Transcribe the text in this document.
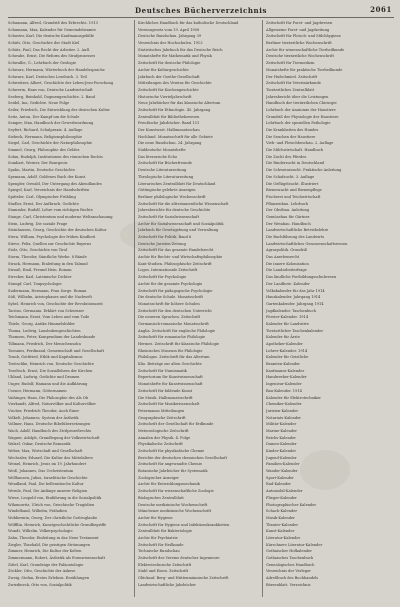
Deutsches Bücherverzeichnis	2061
Schumann, Alfred, Grundriß des Erbrechts. 1913
Schumann, Max, Kalender für Gemeindebeamte
Schuster, Karl, Die deutsche Kaufmannsgehilfe
Schütt, Otto, Geschichte der Stadt Kiel
Schütz, Paul, Das Recht der Arbeiter. 2. Aufl.
Schwabe, Ernst, Die Reform des Strafprozesses
Schwalbe, G., Lehrbuch der Geologie
Schwarz, Hermann, Wörterbuch der Handelssprache
Schwarz, Karl, Deutsches Lesebuch. 3. Teil
Schweitzer, Albert, Geschichte der Leben-Jesu-Forschung
Schwerin, Hans von, Deutsche Landwirtschaft
Seeberg, Reinhold, Dogmengeschichte. 2. Band
Seidel, Ina, Gedichte. Neue Folge
Seiler, Friedrich, Die Entwicklung der deutschen Kultur
Seitz, Anton, Der Kampf um die Schule
Semper, Max, Handbuch der Gewerbeordnung
Seyfert, Richard, Schulpraxis. 4. Auflage
Siebeck, Hermann, Religionsphilosophie
Siegel, Carl, Geschichte der Naturphilosophie
Simmel, Georg, Philosophie des Geldes
Sohm, Rudolph, Institutionen des römischen Rechts
Sombart, Werner, Der Bourgeois
Spahn, Martin, Deutsche Geschichte
Spemann, Adolf, Goldenes Buch der Kunst
Spengler, Oswald, Der Untergang des Abendlandes
Spiegel, Karl, Verzeichnis der Handschriften
Spitteler, Carl, Olympischer Frühling
Stadler, Ernst, Der Aufbruch. Gedichte
Stammler, Rudolf, Lehre vom richtigen Rechte
Stange, Carl, Christentum und moderne Weltanschauung
Stein, Ludwig, Die soziale Frage
Steinhausen, Georg, Geschichte der deutschen Kultur
Stern, William, Psychologie der frühen Kindheit
Stieve, Felix, Quellen zur Geschichte Bayerns
Stolz, Otto, Geschichte von Tirol
Storm, Theodor, Sämtliche Werke. 8 Bände
Strack, Hermann, Einleitung in den Talmud
Strauß, Emil, Freund Hein. Roman
Strecker, Karl, Lateinische Dichter
Stumpf, Carl, Tonpsychologie
Sudermann, Hermann, Frau Sorge. Roman
Süß, Wilhelm, Aristophanes und die Nachwelt
Sybel, Heinrich von, Geschichte der Revolutionszeit
Tacitus, Germania. Erklärt von Schweizer
Teichmann, Ernst, Vom Leben und vom Tode
Thiele, Georg, Antike Himmelsbilder
Thoma, Ludwig, Lausbubengeschichten
Thomsen, Peter, Kompendium der Landeskunde
Tillmann, Friedrich, Der Menschensohn
Toennies, Ferdinand, Gemeinschaft und Gesellschaft
Traub, Gottfried, Ethik und Kapitalismus
Treitschke, Heinrich von, Deutsche Geschichte
Troeltsch, Ernst, Die Soziallehren der Kirchen
Uhland, Ludwig, Gedichte und Dramen
Unger, Rudolf, Hamann und die Aufklärung
Usener, Hermann, Götternamen
Vaihinger, Hans, Die Philosophie des Als Ob
Vierkandt, Alfred, Naturvölker und Kulturvölker
Vischer, Friedrich Theodor, Auch Einer
Volkelt, Johannes, System der Ästhetik
Vollmer, Hans, Deutsche Bibelübersetzungen
Wach, Adolf, Handbuch des Zivilprozeßrechts
Wagner, Adolph, Grundlegung der Volkswirtschaft
Walzel, Oskar, Deutsche Romantik
Weber, Max, Wirtschaft und Gesellschaft
Wechssler, Eduard, Die Kultur des Mittelalters
Weinel, Heinrich, Jesus im 19. Jahrhundert
Weiß, Johannes, Das Urchristentum
Wellhausen, Julius, Israelitische Geschichte
Wendland, Paul, Die hellenistische Kultur
Wernle, Paul, Die Anfänge unserer Religion
Wiese, Leopold von, Einführung in die Sozialpolitik
Wilamowitz, Ulrich von, Griechische Tragödien
Windelband, Wilhelm, Präludien
Wobbermin, Georg, Der christliche Gottesglaube
Wölfflin, Heinrich, Kunstgeschichtliche Grundbegriffe
Wundt, Wilhelm, Völkerpsychologie
Zahn, Theodor, Einleitung in das Neue Testament
Ziegler, Theobald, Die geistigen Strömungen
Zimmer, Heinrich, Die Kultur der Kelten
Zimmermann, Robert, Ästhetik als Formwissenschaft
Zittel, Karl, Grundzüge der Paläontologie
Zöckler, Otto, Geschichte der Askese
Zweig, Stefan, Erstes Erlebnis. Erzählungen
Zwiedineck, Otto von, Sozialpolitik
Kirchliches Handbuch für das katholische Deutschland
Vereinsgesetz vom 19. April 1908
Deutsche Rundschau. Jahrgang 39
Verzeichnis der Hochschulen. 1913
Statistisches Jahrbuch für das Deutsche Reich
Monatshefte für Mathematik und Physik
Zeitschrift für deutsche Philologie
Archiv für Kulturgeschichte
Jahrbuch der Goethe-Gesellschaft
Mitteilungen des Vereins für Geschichte
Zeitschrift für Kirchengeschichte
Historische Vierteljahrschrift
Neue Jahrbücher für das klassische Altertum
Zeitschrift für Ethnologie. 45. Jahrgang
Zentralblatt für Bibliothekswesen
Preußische Jahrbücher. Band 151
Der Kunstwart. Halbmonatsschau
Hochland. Monatsschrift für alle Gebiete
Die neue Rundschau. 24. Jahrgang
Süddeutsche Monatshefte
Das literarische Echo
Zeitschrift für Bücherfreunde
Deutsche Literaturzeitung
Theologische Literaturzeitung
Literarisches Zentralblatt für Deutschland
Göttingische gelehrte Anzeigen
Berliner philologische Wochenschrift
Zeitschrift für die alttestamentliche Wissenschaft
Jahresberichte für deutsche Geschichte
Zeitschrift für Sozialwissenschaft
Archiv für Sozialwissenschaft und Sozialpolitik
Jahrbuch für Gesetzgebung und Verwaltung
Zeitschrift für Politik. Band 6
Deutsche Juristen-Zeitung
Zeitschrift für das gesamte Handelsrecht
Archiv für Rechts- und Wirtschaftsphilosophie
Kant-Studien. Philosophische Zeitschrift
Logos. Internationale Zeitschrift
Zeitschrift für Psychologie
Archiv für die gesamte Psychologie
Zeitschrift für pädagogische Psychologie
Die deutsche Schule. Monatsschrift
Monatsschrift für höhere Schulen
Zeitschrift für den deutschen Unterricht
Die neueren Sprachen. Zeitschrift
Germanisch-romanische Monatsschrift
Anglia. Zeitschrift für englische Philologie
Zeitschrift für romanische Philologie
Hermes. Zeitschrift für klassische Philologie
Rheinisches Museum für Philologie
Philologus. Zeitschrift für das Altertum
Klio. Beiträge zur alten Geschichte
Zeitschrift für Numismatik
Repertorium für Kunstwissenschaft
Monatshefte für Kunstwissenschaft
Zeitschrift für bildende Kunst
Die Musik. Halbmonatsschrift
Zeitschrift für Musikwissenschaft
Petermanns Mitteilungen
Geographische Zeitschrift
Zeitschrift der Gesellschaft für Erdkunde
Meteorologische Zeitschrift
Annalen der Physik. 4. Folge
Physikalische Zeitschrift
Zeitschrift für physikalische Chemie
Berichte der deutschen chemischen Gesellschaft
Zeitschrift für angewandte Chemie
Botanische Jahrbücher für Systematik
Zoologischer Anzeiger
Archiv für Entwicklungsmechanik
Zeitschrift für wissenschaftliche Zoologie
Biologisches Zentralblatt
Deutsche medizinische Wochenschrift
Münchener medizinische Wochenschrift
Archiv für Hygiene
Zeitschrift für Hygiene und Infektionskrankheiten
Zentralblatt für Bakteriologie
Archiv für Psychiatrie
Zeitschrift für Heilkunde
Technische Rundschau
Zeitschrift des Vereins deutscher Ingenieure
Elektrotechnische Zeitschrift
Stahl und Eisen. Zeitschrift
Glückauf. Berg- und Hüttenmännische Zeitschrift
Landwirtschaftliche Jahrbücher
Zeitschrift für Forst- und Jagdwesen
Allgemeine Forst- und Jagdzeitung
Zeitschrift für Fleisch- und Milchhygiene
Berliner tierärztliche Wochenschrift
Archiv für wissenschaftliche Tierheilkunde
Deutsche tierärztliche Wochenschrift
Zeitschrift für Tiermedizin
Monatshefte für praktische Tierheilkunde
Der Hufschmied. Zeitschrift
Zeitschrift für Veterinärkunde
Tierärztliches Zentralblatt
Jahresbericht über die Leistungen
Handbuch der tierärztlichen Chirurgie
Lehrbuch der Anatomie der Haustiere
Grundriß der Physiologie der Haustiere
Lehrbuch der speziellen Pathologie
Die Krankheiten des Hundes
Die Seuchen der Haustiere
Vieh- und Fleischbeschau. 2. Auflage
Die Milchwirtschaft. Handbuch
Die Zucht des Pferdes
Die Rinderzucht in Deutschland
Die Schweinezucht. Praktische Anleitung
Die Schafzucht. 3. Auflage
Die Geflügelzucht. Illustriert
Bienenzucht und Bienenpflege
Fischerei und Teichwirtschaft
Pflanzenbau. Lehrbuch
Der Obstbau. Anleitung
Gemüsebau für Gärtner
Der Weinbau. Handbuch
Landwirtschaftliche Betriebslehre
Die Buchführung des Landwirts
Landwirtschaftliches Genossenschaftswesen
Agrarpolitik. Grundriß
Das Anerbenrecht
Die innere Kolonisation
Die Landarbeiterfrage
Das ländliche Fortbildungsschulwesen
Der Landbote. Kalender
Volkskalender für das Jahr 1914
Hauskalender. Jahrgang 1914
Gartenkalender. Jahrgang 1914
Jagdkalender. Taschenbuch
Förster-Kalender. 1914
Kalender für Landwirte
Tierärztlicher Taschenkalender
Kalender für Ärzte
Apotheker-Kalender
Lehrer-Kalender. 1914
Kalender für Geistliche
Beamten-Kalender
Kaufmanns-Kalender
Handwerker-Kalender
Ingenieur-Kalender
Bau-Kalender. 1914
Kalender für Elektrotechniker
Chemiker-Kalender
Juristen-Kalender
Notariats-Kalender
Militär-Kalender
Marine-Kalender
Reichs-Kalender
Damen-Kalender
Kinder-Kalender
Jugend-Kalender
Familien-Kalender
Wander-Kalender
Sport-Kalender
Rad-Kalender
Automobil-Kalender
Flieger-Kalender
Photographischer Kalender
Schach-Kalender
Musik-Kalender
Theater-Kalender
Kunst-Kalender
Literatur-Kalender
Kürschners Literatur-Kalender
Gothaischer Hofkalender
Gothaisches Taschenbuch
Genealogisches Handbuch
Verzeichnis der Verleger
Adreßbuch des Buchhandels
Börsenblatt. Verzeichnis
